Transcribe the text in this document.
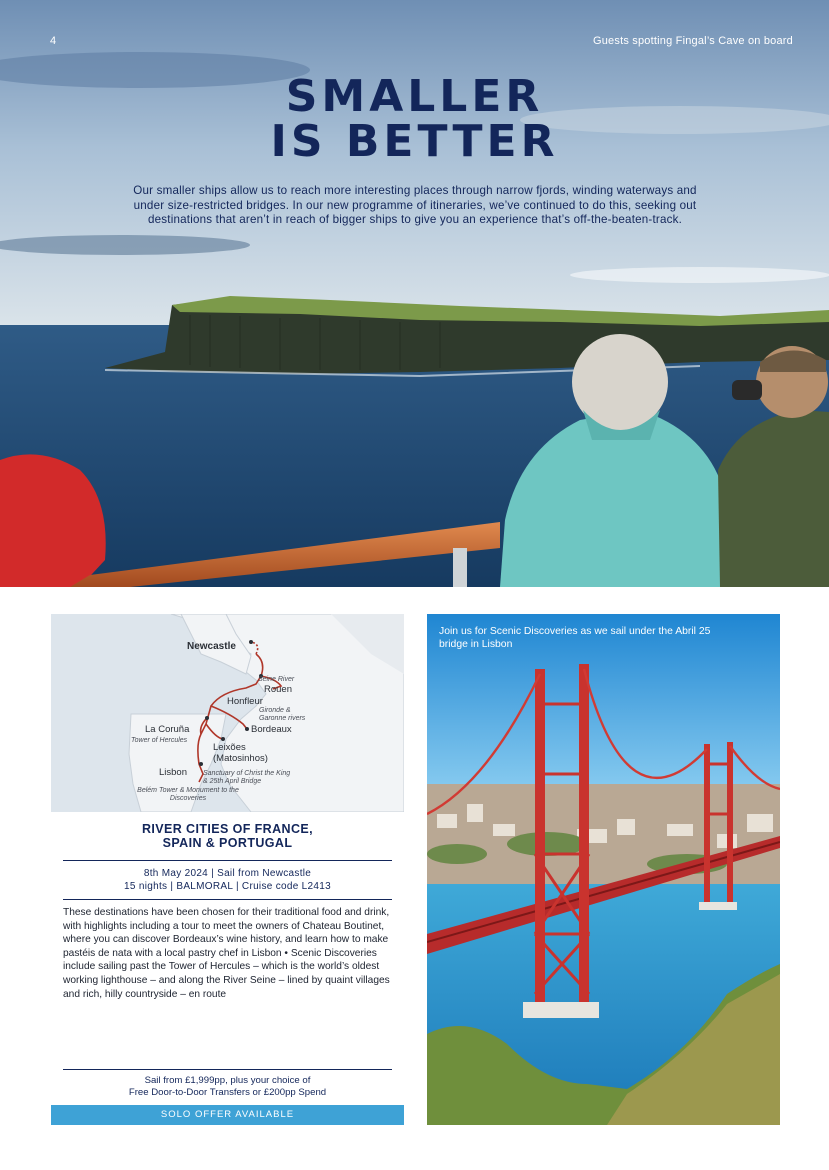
4	Guests spotting Fingal’s Cave on board
SMALLER
IS BETTER

Our smaller ships allow us to reach more interesting places through narrow fjords, winding waterways and under size-restricted bridges. In our new programme of itineraries, we’ve continued to do this, seeking out destinations that aren’t in reach of bigger ships to give you an experience that’s off-the-beaten-track.

Newcastle
Seine River
Rouen
Honfleur
Gironde & Garonne rivers
Bordeaux
La Coruña
Tower of Hercules
Leixões (Matosinhos)
Lisbon Sanctuary of Christ the King & 25th April Bridge
Belém Tower & Monument to the Discoveries
RIVER CITIES OF FRANCE,
SPAIN & PORTUGAL
8th May 2024 | Sail from Newcastle
15 nights | BALMORAL | Cruise code L2413

These destinations have been chosen for their traditional food and drink, with highlights including a tour to meet the owners of Chateau Boutinet, where you can discover Bordeaux’s wine history, and learn how to make pastéis de nata with a local pastry chef in Lisbon • Scenic Discoveries include sailing past the Tower of Hercules – which is the world’s oldest working lighthouse – and along the River Seine – lined by quaint villages and rich, hilly countryside – en route

Sail from £1,999pp, plus your choice of
Free Door-to-Door Transfers or £200pp Spend
SOLO OFFER AVAILABLE

Join us for Scenic Discoveries as we sail under the Abril 25 bridge in Lisbon
